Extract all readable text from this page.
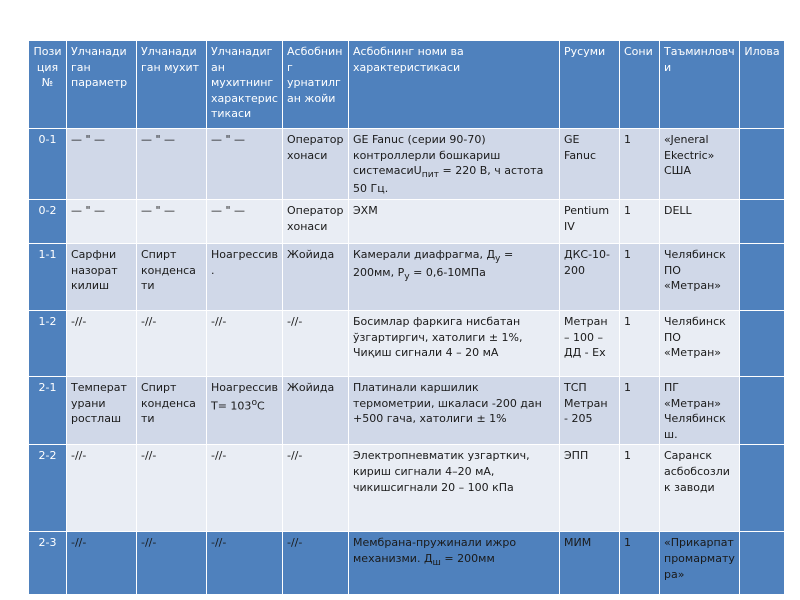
Позиция №	Улчанадиган параметр	Улчанадиган мухит	Улчанадиган мухитнинг характеристикаси	Асбобнинг урнатилган жойи	Асбобнинг номи ва характеристикаси	Русуми	Сони	Таъминловчи	Илова
0-1	— " —	— " —	— " —	Оператор хонаси	GE Fanuc (серии 90-70) контроллерли бошкариш системасиU$_{пит}$ = 220 В, ч астота 50 Гц.	GE Fanuc	1	«Jeneral Ekectric» США	
0-2	— " —	— " —	— " —	Оператор хонаси	ЭХМ	Pentium IV	1	DELL	
1-1	Сарфни назорат килиш	Спирт конденсати	Ноагрессив.	Жойида	Камерали диафрагма, $Д_у = 200мм$, $Р_у = 0,6-10МПа$	ДКС-10-200	1	Челябинск ПО «Метран»	
1-2	-//-	-//-	-//-	-//-	Босимлар фаркига нисбатан ўзгартиргич, хатолиги ± 1%, Чиқиш сигнали 4 – 20 мА	Метран – 100 – ДД - Ех	1	Челябинск ПО «Метран»	
2-1	Температурани ростлаш	Спирт конденсати	Ноагрессив $Т= 103^оС$	Жойида	Платинали каршилик термометрии, шкаласи -200 дан +500 гача, хатолиги ± 1%	ТСП Метран - 205	1	ПГ «Метран» Челябинск ш.	
2-2	-//-	-//-	-//-	-//-	Электропневматик узгарткич, кириш сигнали 4–20 мА, чикишсигнали 20 – 100 кПа	ЭПП	1	Саранск асбобсозлик заводи	
2-3	-//-	-//-	-//-	-//-	Мембрана-пружинали ижро механизми. $Д_ш = 200мм$	МИМ	1	«Прикарпатпромарматура»	
